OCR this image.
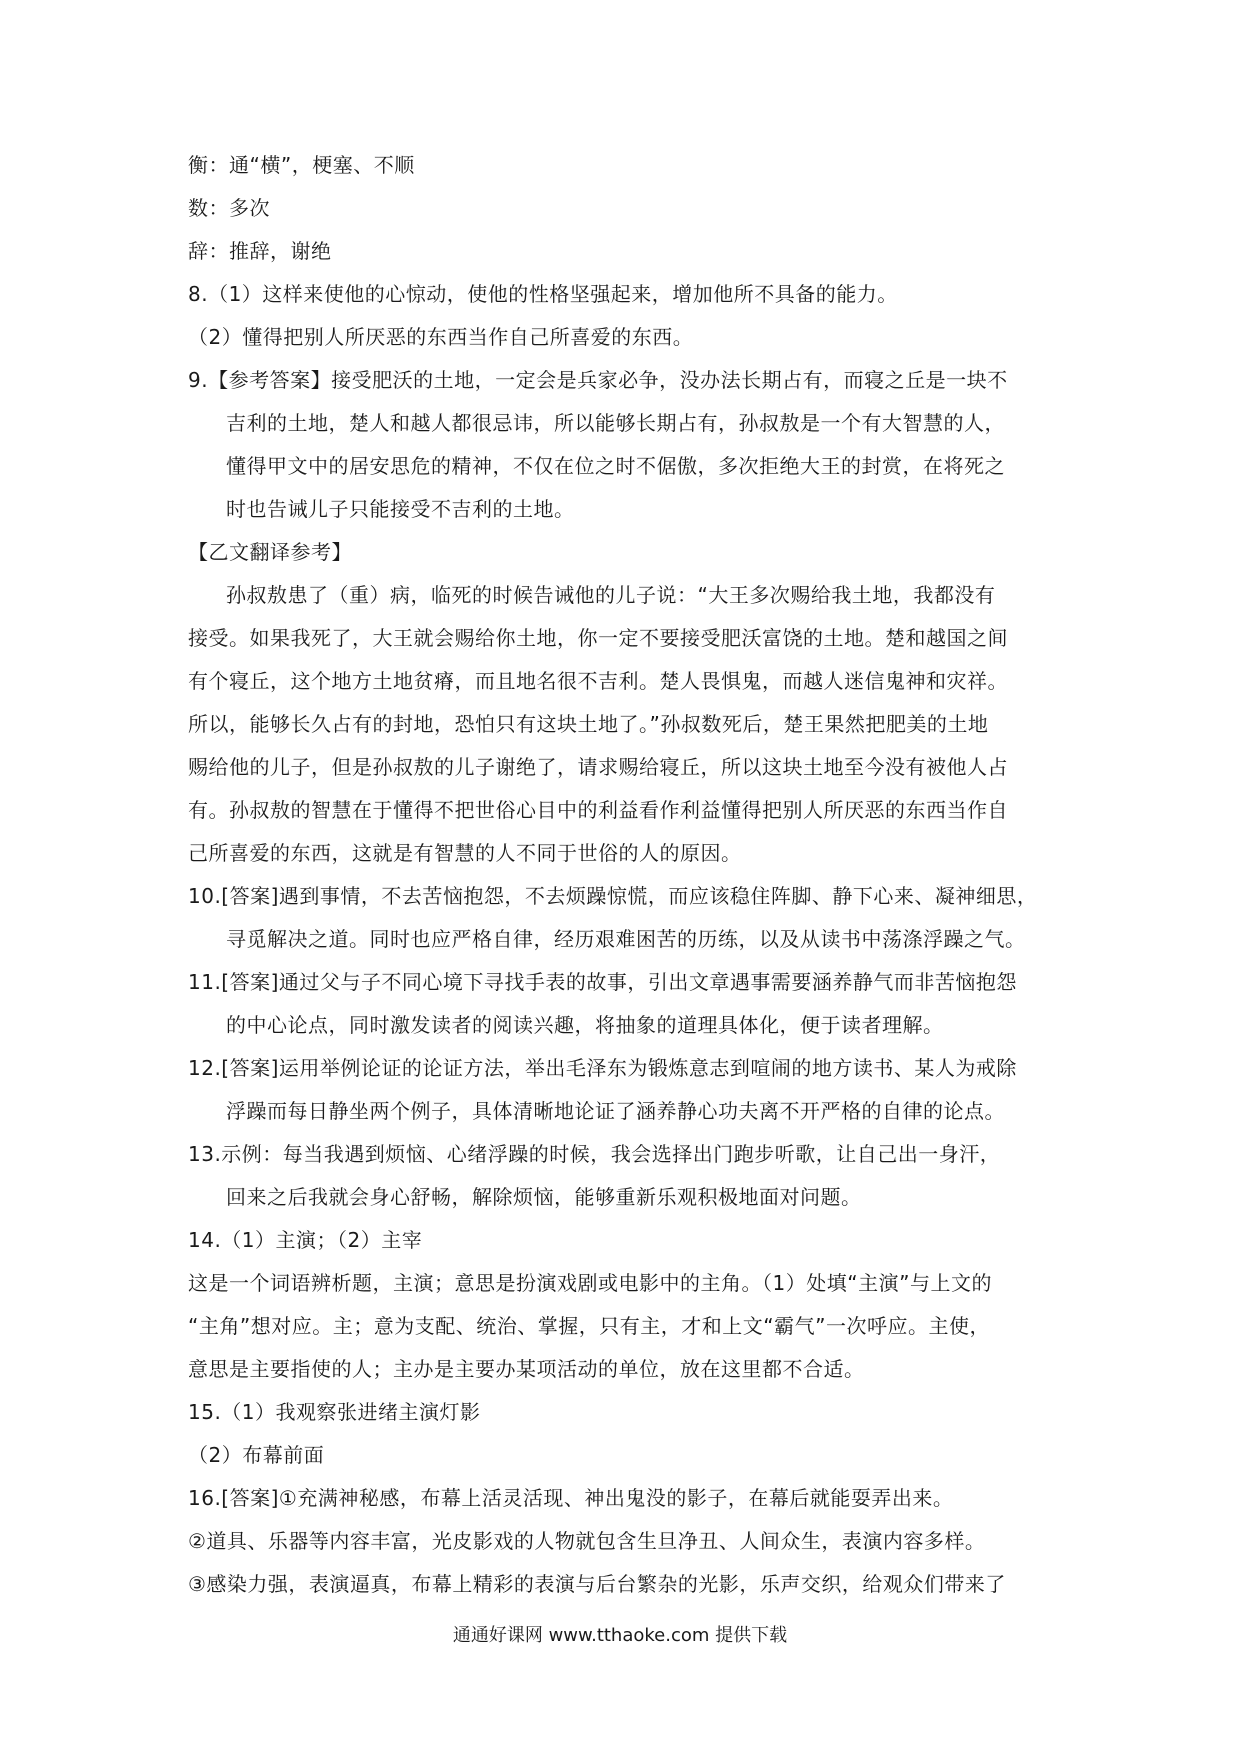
衡：通“横”，梗塞、不顺
数：多次
辞：推辞，谢绝
8.（1）这样来使他的心惊动，使他的性格坚强起来，增加他所不具备的能力。
（2）懂得把别人所厌恶的东西当作自己所喜爱的东西。
9.【参考答案】接受肥沃的土地，一定会是兵家必争，没办法长期占有，而寝之丘是一块不
吉利的土地，楚人和越人都很忌讳，所以能够长期占有，孙叔敖是一个有大智慧的人，
懂得甲文中的居安思危的精神，不仅在位之时不倨傲，多次拒绝大王的封赏，在将死之
时也告诫儿子只能接受不吉利的土地。
【乙文翻译参考】
孙叔敖患了（重）病，临死的时候告诫他的儿子说：“大王多次赐给我土地，我都没有
接受。如果我死了，大王就会赐给你土地，你一定不要接受肥沃富饶的土地。楚和越国之间
有个寝丘，这个地方土地贫瘠，而且地名很不吉利。楚人畏惧鬼，而越人迷信鬼神和灾祥。
所以，能够长久占有的封地，恐怕只有这块土地了。”孙叔数死后，楚王果然把肥美的土地
赐给他的儿子，但是孙叔敖的儿子谢绝了，请求赐给寝丘，所以这块土地至今没有被他人占
有。孙叔敖的智慧在于懂得不把世俗心目中的利益看作利益懂得把别人所厌恶的东西当作自
己所喜爱的东西，这就是有智慧的人不同于世俗的人的原因。
10.[答案]遇到事情，不去苦恼抱怨，不去烦躁惊慌，而应该稳住阵脚、静下心来、凝神细思，
寻觅解决之道。同时也应严格自律，经历艰难困苦的历练，以及从读书中荡涤浮躁之气。
11.[答案]通过父与子不同心境下寻找手表的故事，引出文章遇事需要涵养静气而非苦恼抱怨
的中心论点，同时激发读者的阅读兴趣，将抽象的道理具体化，便于读者理解。
12.[答案]运用举例论证的论证方法，举出毛泽东为锻炼意志到喧闹的地方读书、某人为戒除
浮躁而每日静坐两个例子，具体清晰地论证了涵养静心功夫离不开严格的自律的论点。
13.示例：每当我遇到烦恼、心绪浮躁的时候，我会选择出门跑步听歌，让自己出一身汗，
回来之后我就会身心舒畅，解除烦恼，能够重新乐观积极地面对问题。
14.（1）主演；（2）主宰
这是一个词语辨析题，主演；意思是扮演戏剧或电影中的主角。（1）处填“主演”与上文的
“主角”想对应。主；意为支配、统治、掌握，只有主，才和上文“霸气”一次呼应。主使，
意思是主要指使的人；主办是主要办某项活动的单位，放在这里都不合适。
15.（1）我观察张进绪主演灯影
（2）布幕前面
16.[答案]①充满神秘感，布幕上活灵活现、神出鬼没的影子，在幕后就能耍弄出来。
②道具、乐器等内容丰富，光皮影戏的人物就包含生旦净丑、人间众生，表演内容多样。
③感染力强，表演逼真，布幕上精彩的表演与后台繁杂的光影，乐声交织，给观众们带来了
通通好课网 www.tthaoke.com 提供下载
